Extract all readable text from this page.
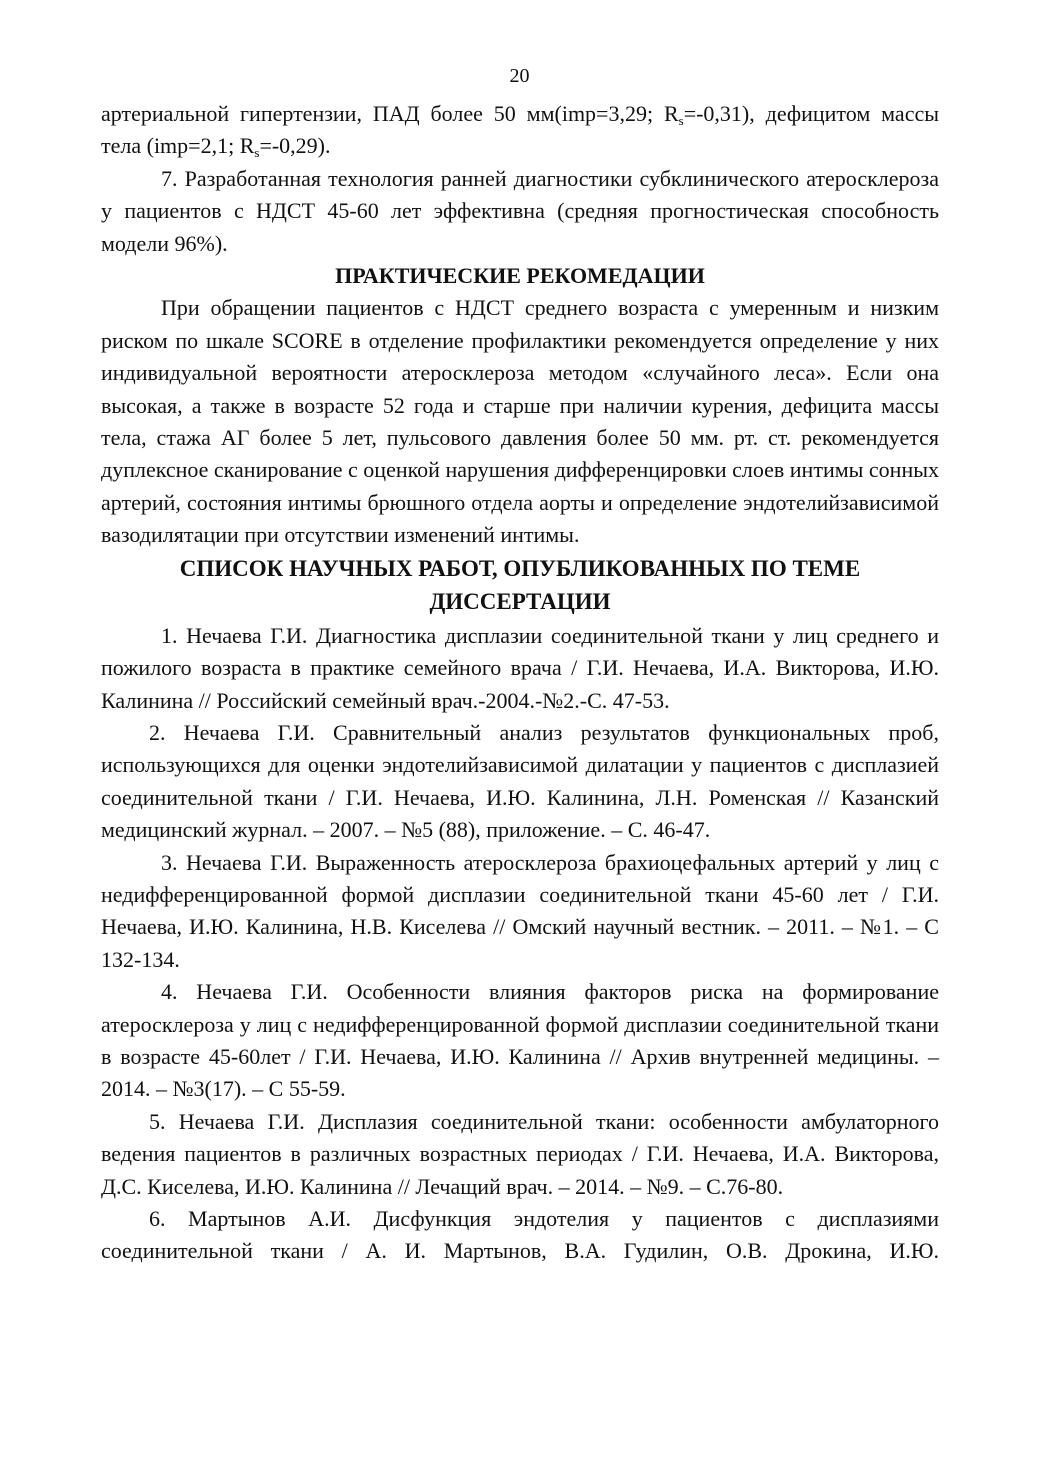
20

артериальной гипертензии, ПАД более 50 мм(imp=3,29; $R_s=-0,31$), дефицитом массы тела (imp=2,1; $R_s=-0,29$).

7. Разработанная технология ранней диагностики субклинического атеросклероза у пациентов с НДСТ 45-60 лет эффективна (средняя прогностическая способность модели 96%).

ПРАКТИЧЕСКИЕ РЕКОМЕДАЦИИ

При обращении пациентов с НДСТ среднего возраста с умеренным и низким риском по шкале SCORE в отделение профилактики рекомендуется определение у них индивидуальной вероятности атеросклероза методом «случайного леса». Если она высокая, а также в возрасте 52 года и старше при наличии курения, дефицита массы тела, стажа АГ более 5 лет, пульсового давления более 50 мм. рт. ст. рекомендуется дуплексное сканирование с оценкой нарушения дифференцировки слоев интимы сонных артерий, состояния интимы брюшного отдела аорты и определение эндотелийзависимой вазодилятации при отсутствии изменений интимы.

СПИСОК НАУЧНЫХ РАБОТ, ОПУБЛИКОВАННЫХ ПО ТЕМЕ
ДИССЕРТАЦИИ

1. Нечаева Г.И. Диагностика дисплазии соединительной ткани у лиц среднего и пожилого возраста в практике семейного врача / Г.И. Нечаева, И.А. Викторова, И.Ю. Калинина // Российский семейный врач.-2004.-№2.-С. 47-53.

2. Нечаева Г.И. Сравнительный анализ результатов функциональных проб, использующихся для оценки эндотелийзависимой дилатации у пациентов с дисплазией соединительной ткани / Г.И. Нечаева, И.Ю. Калинина, Л.Н. Роменская // Казанский медицинский журнал. – 2007. – №5 (88), приложение. – С. 46-47.

3. Нечаева Г.И. Выраженность атеросклероза брахиоцефальных артерий у лиц с недифференцированной формой дисплазии соединительной ткани 45-60 лет / Г.И. Нечаева, И.Ю. Калинина, Н.В. Киселева // Омский научный вестник. – 2011. – №1. – С 132-134.

4. Нечаева Г.И. Особенности влияния факторов риска на формирование атеросклероза у лиц с недифференцированной формой дисплазии соединительной ткани в возрасте 45-60лет / Г.И. Нечаева, И.Ю. Калинина // Архив внутренней медицины. – 2014. – №3(17). – С 55-59.

5. Нечаева Г.И. Дисплазия соединительной ткани: особенности амбулаторного ведения пациентов в различных возрастных периодах / Г.И. Нечаева, И.А. Викторова, Д.С. Киселева, И.Ю. Калинина // Лечащий врач. – 2014. – №9. – С.76-80.

6. Мартынов А.И. Дисфункция эндотелия у пациентов с дисплазиями соединительной ткани / А. И. Мартынов, В.А. Гудилин, О.В. Дрокина, И.Ю.
